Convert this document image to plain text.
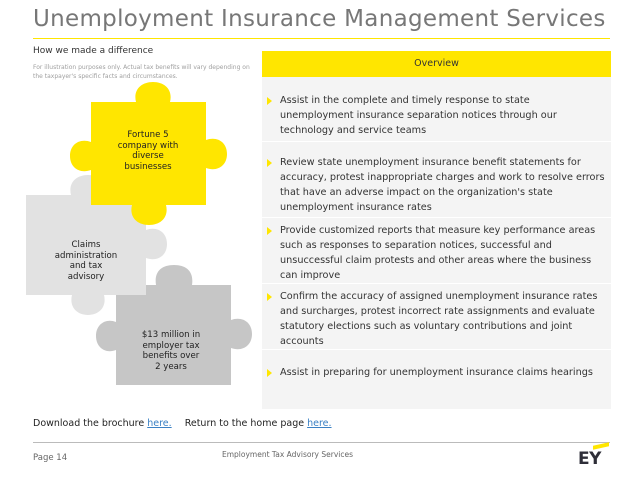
Unemployment Insurance Management Services
How we made a difference
For illustration purposes only. Actual tax benefits will vary depending on the taxpayer's specific facts and circumstances.
Fortune 5
company with
diverse
businesses
Claims
administration
and tax
advisory
$13 million in
employer tax
benefits over
2 years
Overview
Assist in the complete and timely response to state unemployment insurance separation notices through our technology and service teams
Review state unemployment insurance benefit statements for accuracy, protest inappropriate charges and work to resolve errors that have an adverse impact on the organization's state unemployment insurance rates
Provide customized reports that measure key performance areas such as responses to separation notices, successful and unsuccessful claim protests and other areas where the business can improve
Confirm the accuracy of assigned unemployment insurance rates and surcharges, protest incorrect rate assignments and evaluate statutory elections such as voluntary contributions and joint accounts
Assist in preparing for unemployment insurance claims hearings
Download the brochure here. Return to the home page here.
Page 14	Employment Tax Advisory Services	EY
